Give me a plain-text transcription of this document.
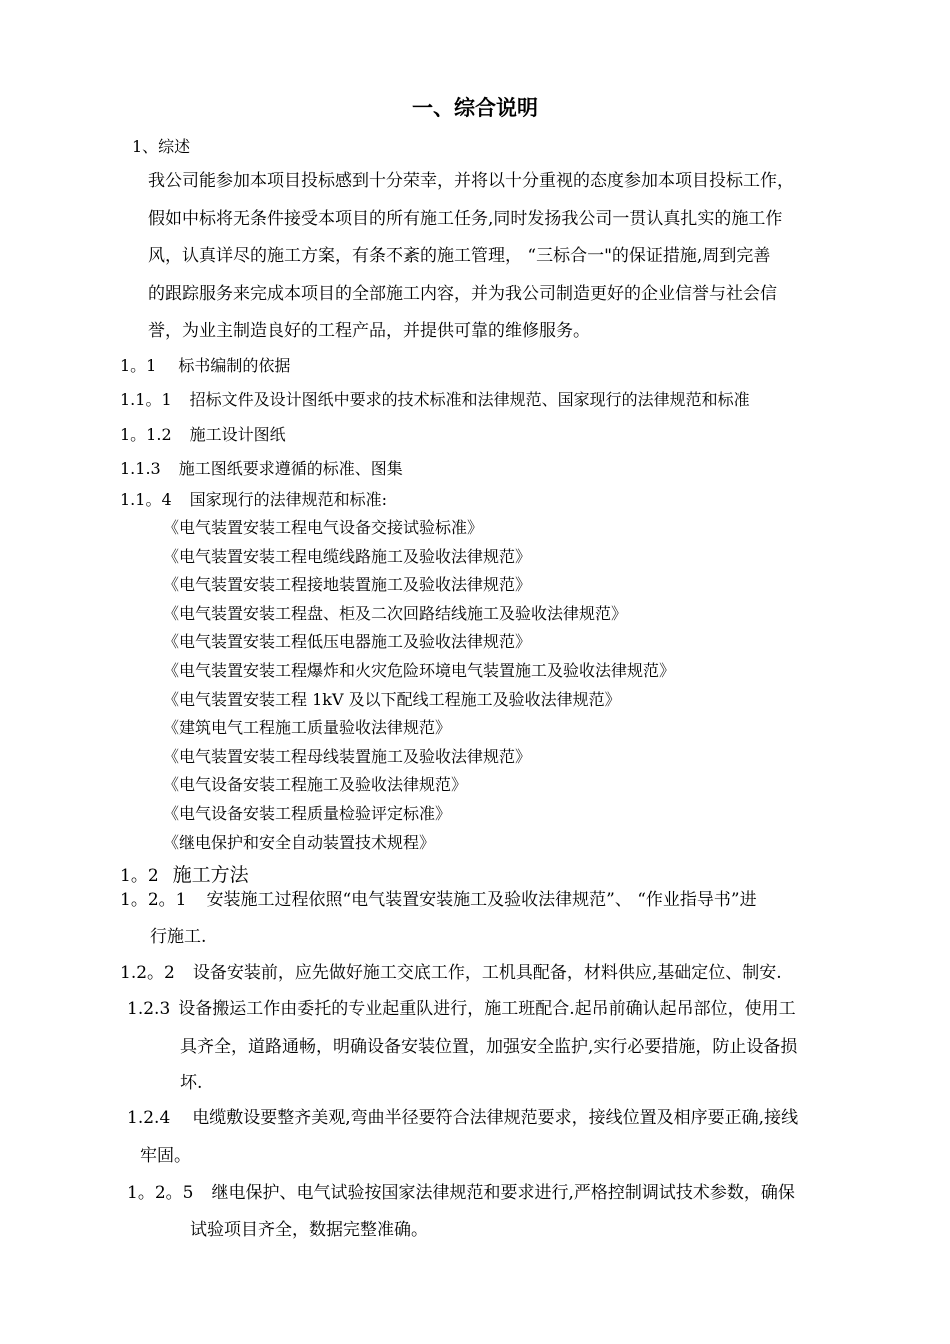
一、综合说明

1、综述

我公司能参加本项目投标感到十分荣幸，并将以十分重视的态度参加本项目投标工作，

假如中标将无条件接受本项目的所有施工任务,同时发扬我公司一贯认真扎实的施工作

风，认真详尽的施工方案，有条不紊的施工管理， “三标合一"的保证措施,周到完善

的跟踪服务来完成本项目的全部施工内容，并为我公司制造更好的企业信誉与社会信

誉，为业主制造良好的工程产品，并提供可靠的维修服务。

1。1 标书编制的依据

1.1。1 招标文件及设计图纸中要求的技术标准和法律规范、国家现行的法律规范和标准

1。1.2 施工设计图纸

1.1.3 施工图纸要求遵循的标准、图集

1.1。4 国家现行的法律规范和标准:

《电气装置安装工程电气设备交接试验标准》

《电气装置安装工程电缆线路施工及验收法律规范》

《电气装置安装工程接地装置施工及验收法律规范》

《电气装置安装工程盘、柜及二次回路结线施工及验收法律规范》

《电气装置安装工程低压电器施工及验收法律规范》

《电气装置安装工程爆炸和火灾危险环境电气装置施工及验收法律规范》

《电气装置安装工程 1kV 及以下配线工程施工及验收法律规范》

《建筑电气工程施工质量验收法律规范》

《电气装置安装工程母线装置施工及验收法律规范》

《电气设备安装工程施工及验收法律规范》

《电气设备安装工程质量检验评定标准》

《继电保护和安全自动装置技术规程》

1。2 施工方法

1。2。1 安装施工过程依照“电气装置安装施工及验收法律规范”、 “作业指导书”进

行施工.

1.2。2 设备安装前，应先做好施工交底工作，工机具配备，材料供应,基础定位、制安.

1.2.3 设备搬运工作由委托的专业起重队进行，施工班配合.起吊前确认起吊部位，使用工

具齐全，道路通畅，明确设备安装位置，加强安全监护,实行必要措施，防止设备损

坏.

1.2.4 电缆敷设要整齐美观,弯曲半径要符合法律规范要求，接线位置及相序要正确,接线

牢固。

1。2。5 继电保护、电气试验按国家法律规范和要求进行,严格控制调试技术参数，确保

试验项目齐全，数据完整准确。
